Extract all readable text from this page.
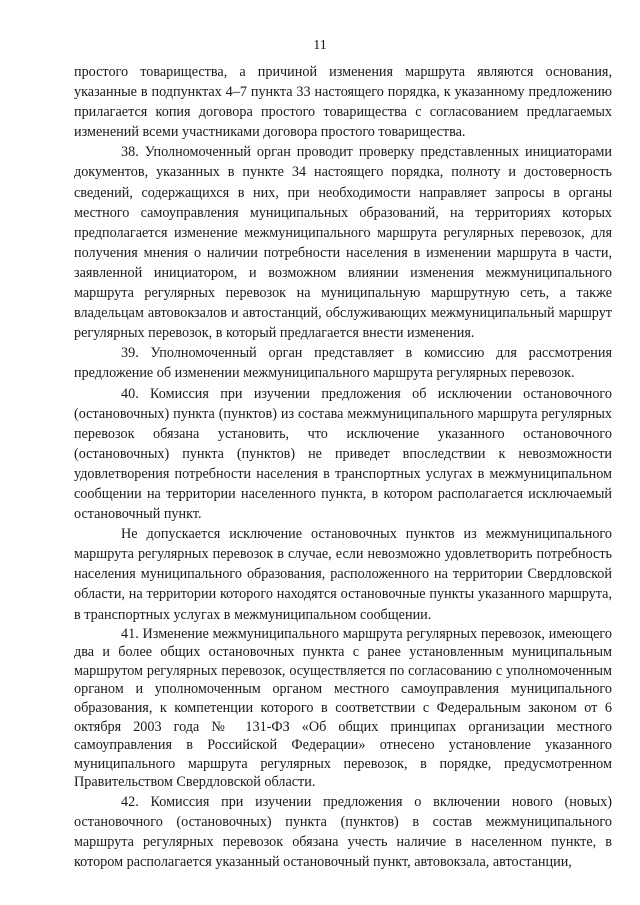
11

простого товарищества, а причиной изменения маршрута являются основания, указанные в подпунктах 4–7 пункта 33 настоящего порядка, к указанному предложению прилагается копия договора простого товарищества с согласованием предлагаемых изменений всеми участниками договора простого товарищества.

38. Уполномоченный орган проводит проверку представленных инициаторами документов, указанных в пункте 34 настоящего порядка, полноту и достоверность сведений, содержащихся в них, при необходимости направляет запросы в органы местного самоуправления муниципальных образований, на территориях которых предполагается изменение межмуниципального маршрута регулярных перевозок, для получения мнения о наличии потребности населения в изменении маршрута в части, заявленной инициатором, и возможном влиянии изменения межмуниципального маршрута регулярных перевозок на муниципальную маршрутную сеть, а также владельцам автовокзалов и автостанций, обслуживающих межмуниципальный маршрут регулярных перевозок, в который предлагается внести изменения.

39. Уполномоченный орган представляет в комиссию для рассмотрения предложение об изменении межмуниципального маршрута регулярных перевозок.

40. Комиссия при изучении предложения об исключении остановочного (остановочных) пункта (пунктов) из состава межмуниципального маршрута регулярных перевозок обязана установить, что исключение указанного остановочного (остановочных) пункта (пунктов) не приведет впоследствии к невозможности удовлетворения потребности населения в транспортных услугах в межмуниципальном сообщении на территории населенного пункта, в котором располагается исключаемый остановочный пункт.

Не допускается исключение остановочных пунктов из межмуниципального маршрута регулярных перевозок в случае, если невозможно удовлетворить потребность населения муниципального образования, расположенного на территории Свердловской области, на территории которого находятся остановочные пункты указанного маршрута, в транспортных услугах в межмуниципальном сообщении.

41. Изменение межмуниципального маршрута регулярных перевозок, имеющего два и более общих остановочных пункта с ранее установленным муниципальным маршрутом регулярных перевозок, осуществляется по согласованию с уполномоченным органом и уполномоченным органом местного самоуправления муниципального образования, к компетенции которого в соответствии с Федеральным законом от 6 октября 2003 года № 131-ФЗ «Об общих принципах организации местного самоуправления в Российской Федерации» отнесено установление указанного муниципального маршрута регулярных перевозок, в порядке, предусмотренном Правительством Свердловской области.

42. Комиссия при изучении предложения о включении нового (новых) остановочного (остановочных) пункта (пунктов) в состав межмуниципального маршрута регулярных перевозок обязана учесть наличие в населенном пункте, в котором располагается указанный остановочный пункт, автовокзала, автостанции,
